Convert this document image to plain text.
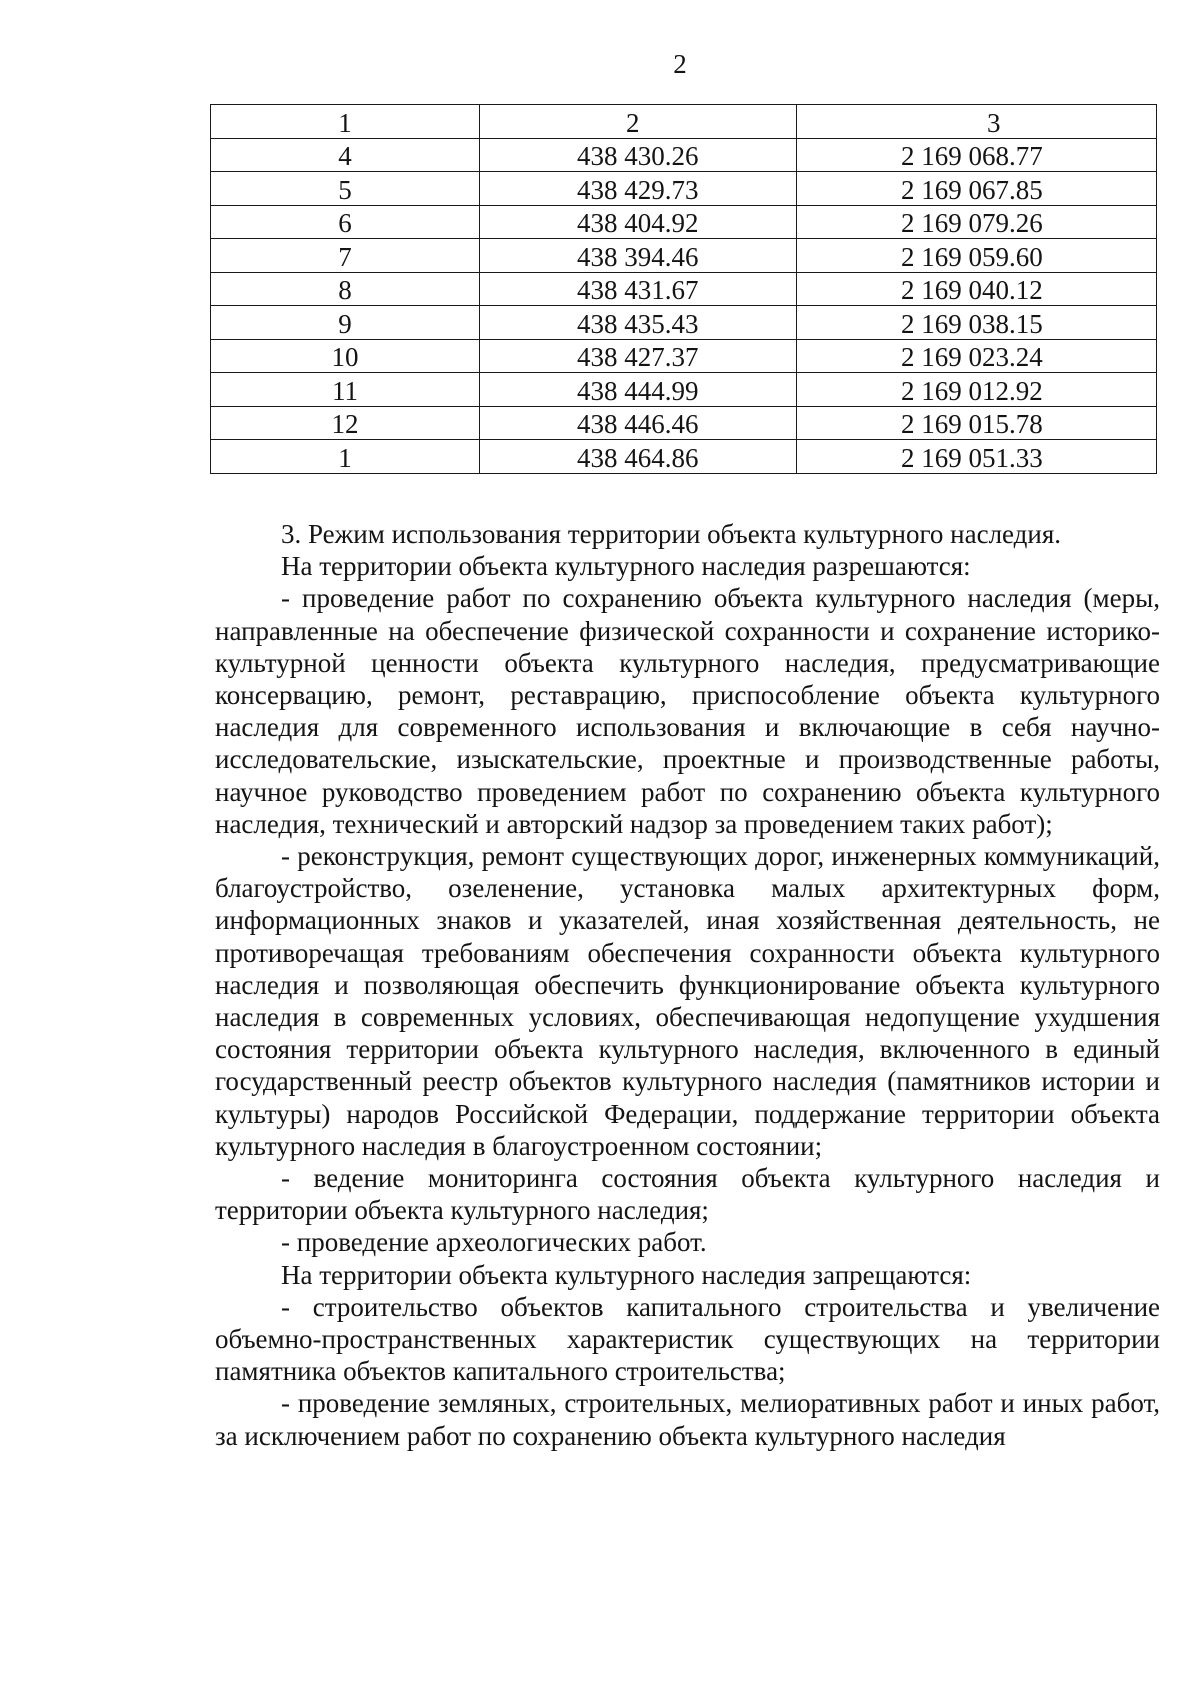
2
1	2	3
4	438 430.26	2 169 068.77
5	438 429.73	2 169 067.85
6	438 404.92	2 169 079.26
7	438 394.46	2 169 059.60
8	438 431.67	2 169 040.12
9	438 435.43	2 169 038.15
10	438 427.37	2 169 023.24
11	438 444.99	2 169 012.92
12	438 446.46	2 169 015.78
1	438 464.86	2 169 051.33

3. Режим использования территории объекта культурного наследия.

На территории объекта культурного наследия разрешаются:

- проведение работ по сохранению объекта культурного наследия (меры, направленные на обеспечение физической сохранности и сохранение историко-культурной ценности объекта культурного наследия, предусматривающие консервацию, ремонт, реставрацию, приспособление объекта культурного наследия для современного использования и включающие в себя научно-исследовательские, изыскательские, проектные и производственные работы, научное руководство проведением работ по сохранению объекта культурного наследия, технический и авторский надзор за проведением таких работ);

- реконструкция, ремонт существующих дорог, инженерных коммуникаций, благоустройство, озеленение, установка малых архитектурных форм, информационных знаков и указателей, иная хозяйственная деятельность, не противоречащая требованиям обеспечения сохранности объекта культурного наследия и позволяющая обеспечить функционирование объекта культурного наследия в современных условиях, обеспечивающая недопущение ухудшения состояния территории объекта культурного наследия, включенного в единый государственный реестр объектов культурного наследия (памятников истории и культуры) народов Российской Федерации, поддержание территории объекта культурного наследия в благоустроенном состоянии;

- ведение мониторинга состояния объекта культурного наследия и территории объекта культурного наследия;

- проведение археологических работ.

На территории объекта культурного наследия запрещаются:

- строительство объектов капитального строительства и увеличение объемно-пространственных характеристик существующих на территории памятника объектов капитального строительства;

- проведение земляных, строительных, мелиоративных работ и иных работ, за исключением работ по сохранению объекта культурного наследия
